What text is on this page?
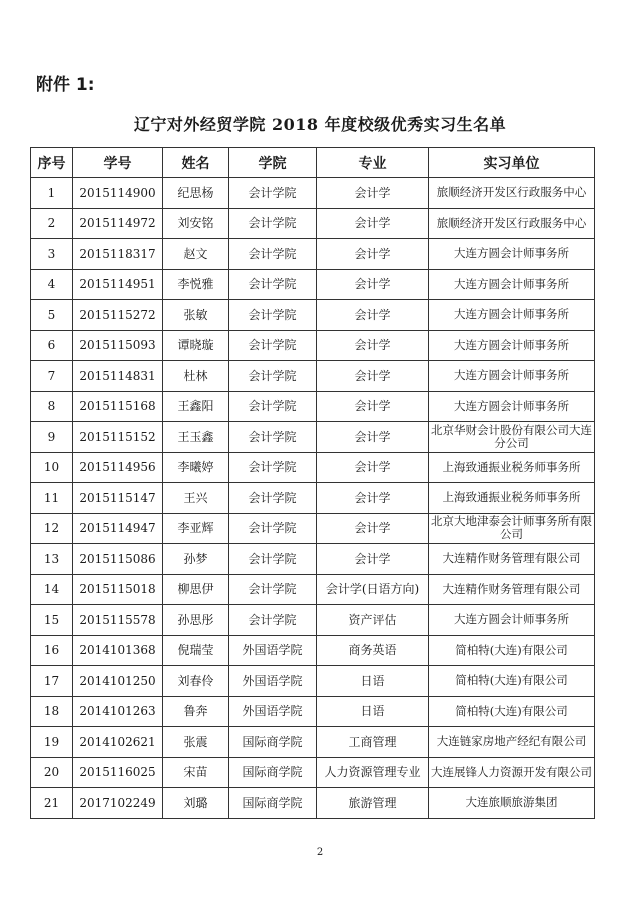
附件 1:
辽宁对外经贸学院 2018 年度校级优秀实习生名单
序号	学号	姓名	学院	专业	实习单位
1	2015114900	纪思杨	会计学院	会计学	旅顺经济开发区行政服务中心
2	2015114972	刘安铭	会计学院	会计学	旅顺经济开发区行政服务中心
3	2015118317	赵文	会计学院	会计学	大连方圆会计师事务所
4	2015114951	李悦雅	会计学院	会计学	大连方圆会计师事务所
5	2015115272	张敏	会计学院	会计学	大连方圆会计师事务所
6	2015115093	谭晓璇	会计学院	会计学	大连方圆会计师事务所
7	2015114831	杜林	会计学院	会计学	大连方圆会计师事务所
8	2015115168	王鑫阳	会计学院	会计学	大连方圆会计师事务所
9	2015115152	王玉鑫	会计学院	会计学	北京华财会计股份有限公司大连分公司
10	2015114956	李曦婷	会计学院	会计学	上海致通振业税务师事务所
11	2015115147	王兴	会计学院	会计学	上海致通振业税务师事务所
12	2015114947	李亚辉	会计学院	会计学	北京大地津泰会计师事务所有限公司
13	2015115086	孙梦	会计学院	会计学	大连精作财务管理有限公司
14	2015115018	柳思伊	会计学院	会计学(日语方向)	大连精作财务管理有限公司
15	2015115578	孙思彤	会计学院	资产评估	大连方圆会计师事务所
16	2014101368	倪瑞莹	外国语学院	商务英语	简柏特(大连)有限公司
17	2014101250	刘春伶	外国语学院	日语	简柏特(大连)有限公司
18	2014101263	鲁奔	外国语学院	日语	简柏特(大连)有限公司
19	2014102621	张震	国际商学院	工商管理	大连链家房地产经纪有限公司
20	2015116025	宋苗	国际商学院	人力资源管理专业	大连展锋人力资源开发有限公司
21	2017102249	刘璐	国际商学院	旅游管理	大连旅顺旅游集团
2
